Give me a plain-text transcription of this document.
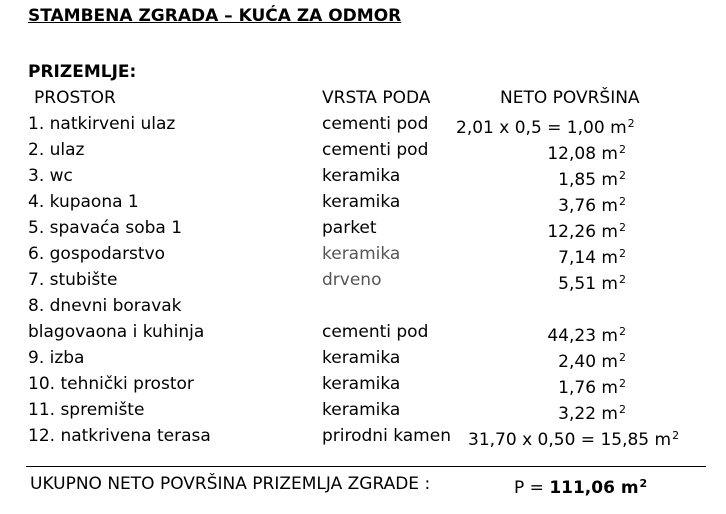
STAMBENA ZGRADA – KUĆA ZA ODMOR
PRIZEMLJE:
PROSTOR	VRSTA PODA	NETO POVRŠINA
1. natkirveni ulaz	cementi pod 2,01 x 0,5 = 1,00 $m^2$
2. ulaz	cementi pod	12,08 $m^2$
3. wc	keramika	1,85 $m^2$
4. kupaona 1	keramika	3,76 $m^2$
5. spavaća soba 1	parket	12,26 $m^2$
6. gospodarstvo	keramika	7,14 $m^2$
7. stubište	drveno	5,51 $m^2$
8. dnevni boravak
blagovaona i kuhinja	cementi pod	44,23 $m^2$
9. izba	keramika	2,40 $m^2$
10. tehnički prostor	keramika	1,76 $m^2$
11. spremište	keramika	3,22 $m^2$
12. natkrivena terasa	prirodni kamen 31,70 x 0,50 = 15,85 $m^2$
UKUPNO NETO POVRŠINA PRIZEMLJA ZGRADE :	P = 111,06 $m^2$
